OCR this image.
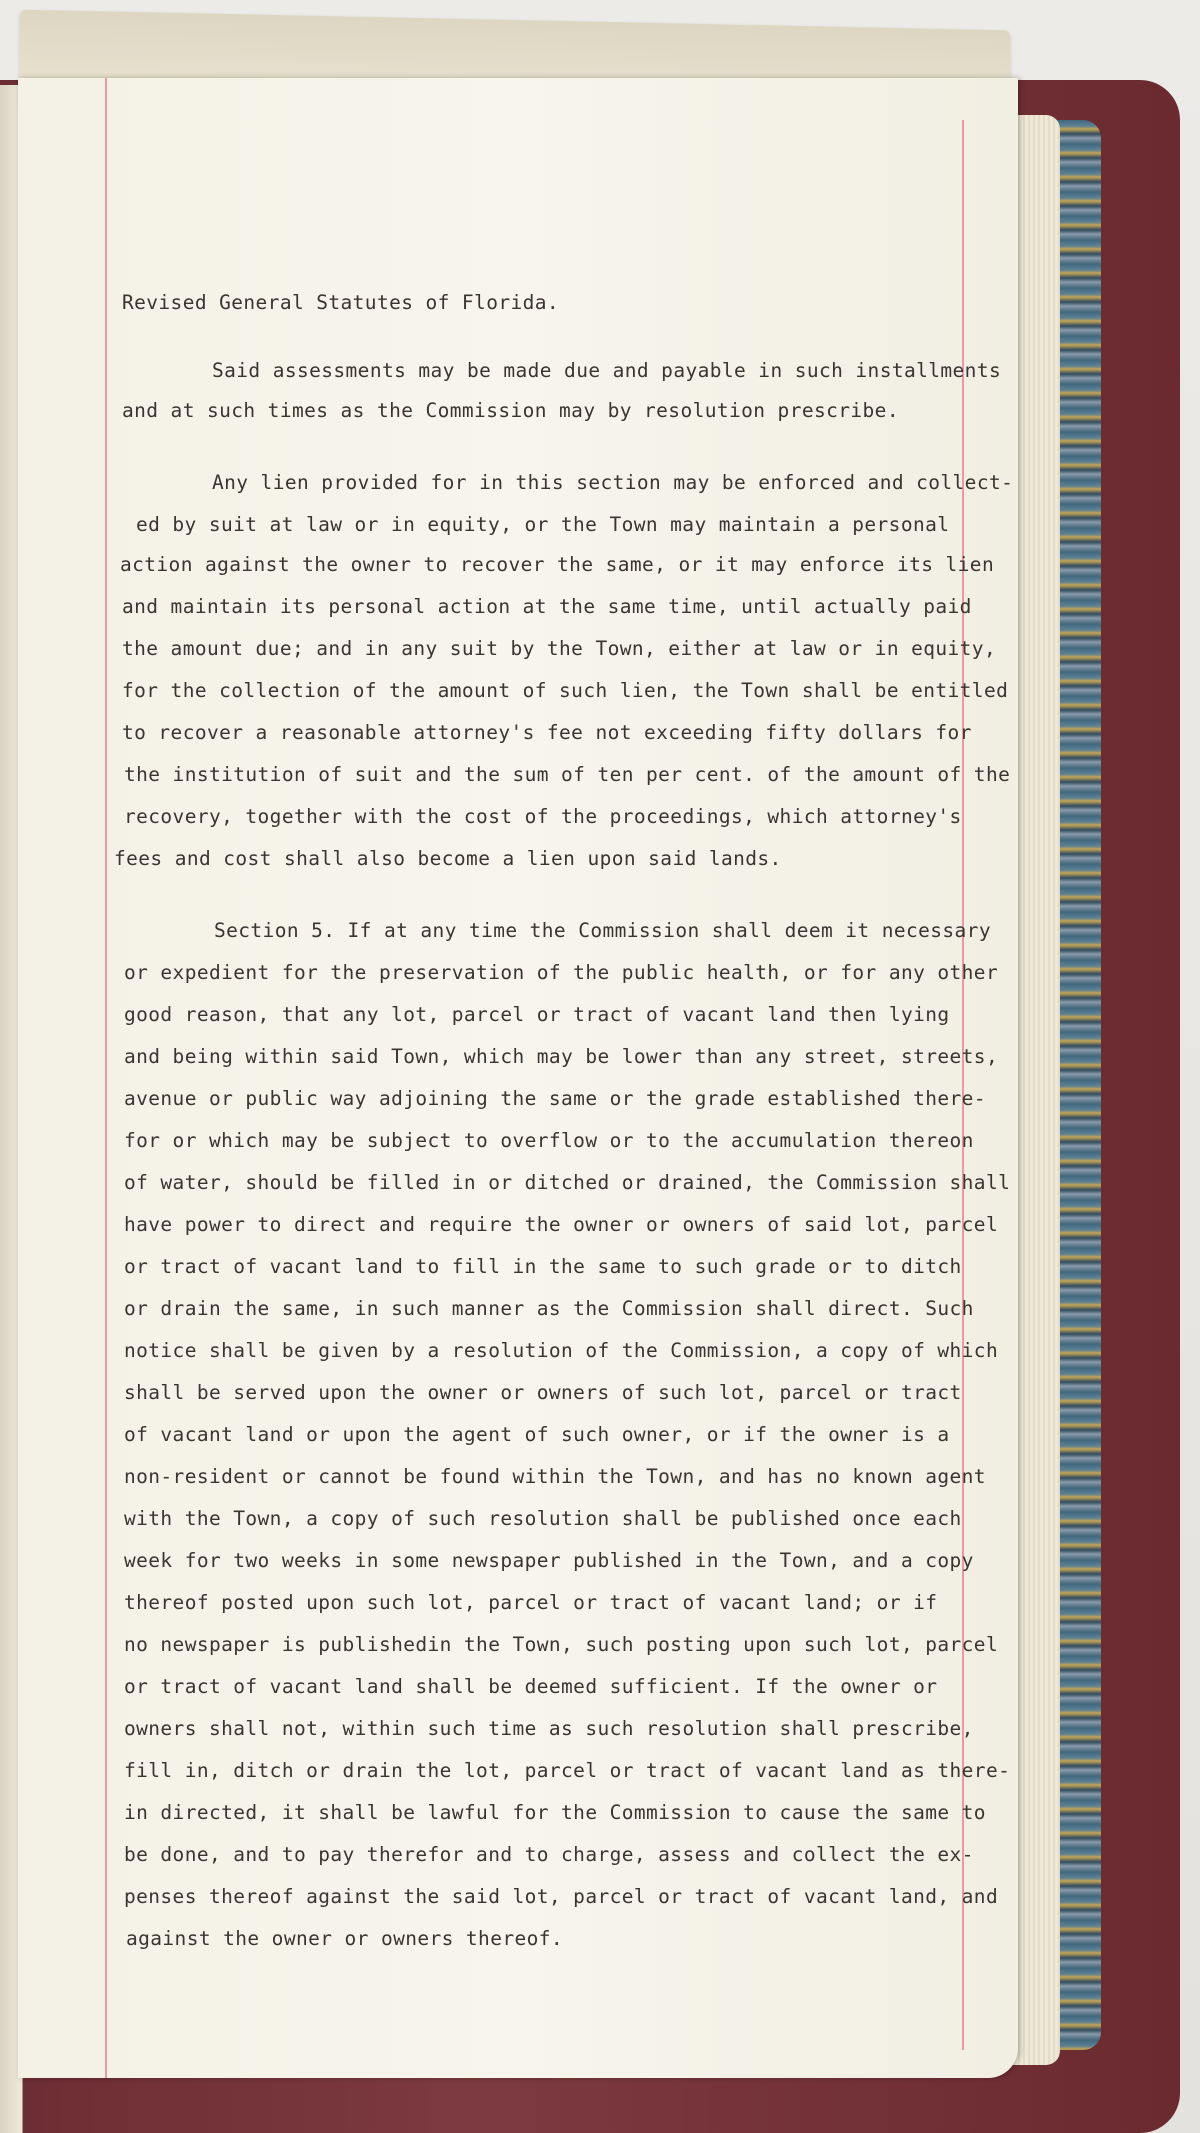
Revised General Statutes of Florida.
Said assessments may be made due and payable in such installments
and at such times as the Commission may by resolution prescribe.
Any lien provided for in this section may be enforced and collect-
ed by suit at law or in equity, or the Town may maintain a personal
action against the owner to recover the same, or it may enforce its lien
and maintain its personal action at the same time, until actually paid
the amount due; and in any suit by the Town, either at law or in equity,
for the collection of the amount of such lien, the Town shall be entitled
to recover a reasonable attorney's fee not exceeding fifty dollars for
the institution of suit and the sum of ten per cent. of the amount of the
recovery, together with the cost of the proceedings, which attorney's
fees and cost shall also become a lien upon said lands.
Section 5. If at any time the Commission shall deem it necessary
or expedient for the preservation of the public health, or for any other
good reason, that any lot, parcel or tract of vacant land then lying
and being within said Town, which may be lower than any street, streets,
avenue or public way adjoining the same or the grade established there-
for or which may be subject to overflow or to the accumulation thereon
of water, should be filled in or ditched or drained, the Commission shall
have power to direct and require the owner or owners of said lot, parcel
or tract of vacant land to fill in the same to such grade or to ditch
or drain the same, in such manner as the Commission shall direct. Such
notice shall be given by a resolution of the Commission, a copy of which
shall be served upon the owner or owners of such lot, parcel or tract
of vacant land or upon the agent of such owner, or if the owner is a
non-resident or cannot be found within the Town, and has no known agent
with the Town, a copy of such resolution shall be published once each
week for two weeks in some newspaper published in the Town, and a copy
thereof posted upon such lot, parcel or tract of vacant land; or if
no newspaper is publishedin the Town, such posting upon such lot, parcel
or tract of vacant land shall be deemed sufficient. If the owner or
owners shall not, within such time as such resolution shall prescribe,
fill in, ditch or drain the lot, parcel or tract of vacant land as there-
in directed, it shall be lawful for the Commission to cause the same to
be done, and to pay therefor and to charge, assess and collect the ex-
penses thereof against the said lot, parcel or tract of vacant land, and
against the owner or owners thereof.
